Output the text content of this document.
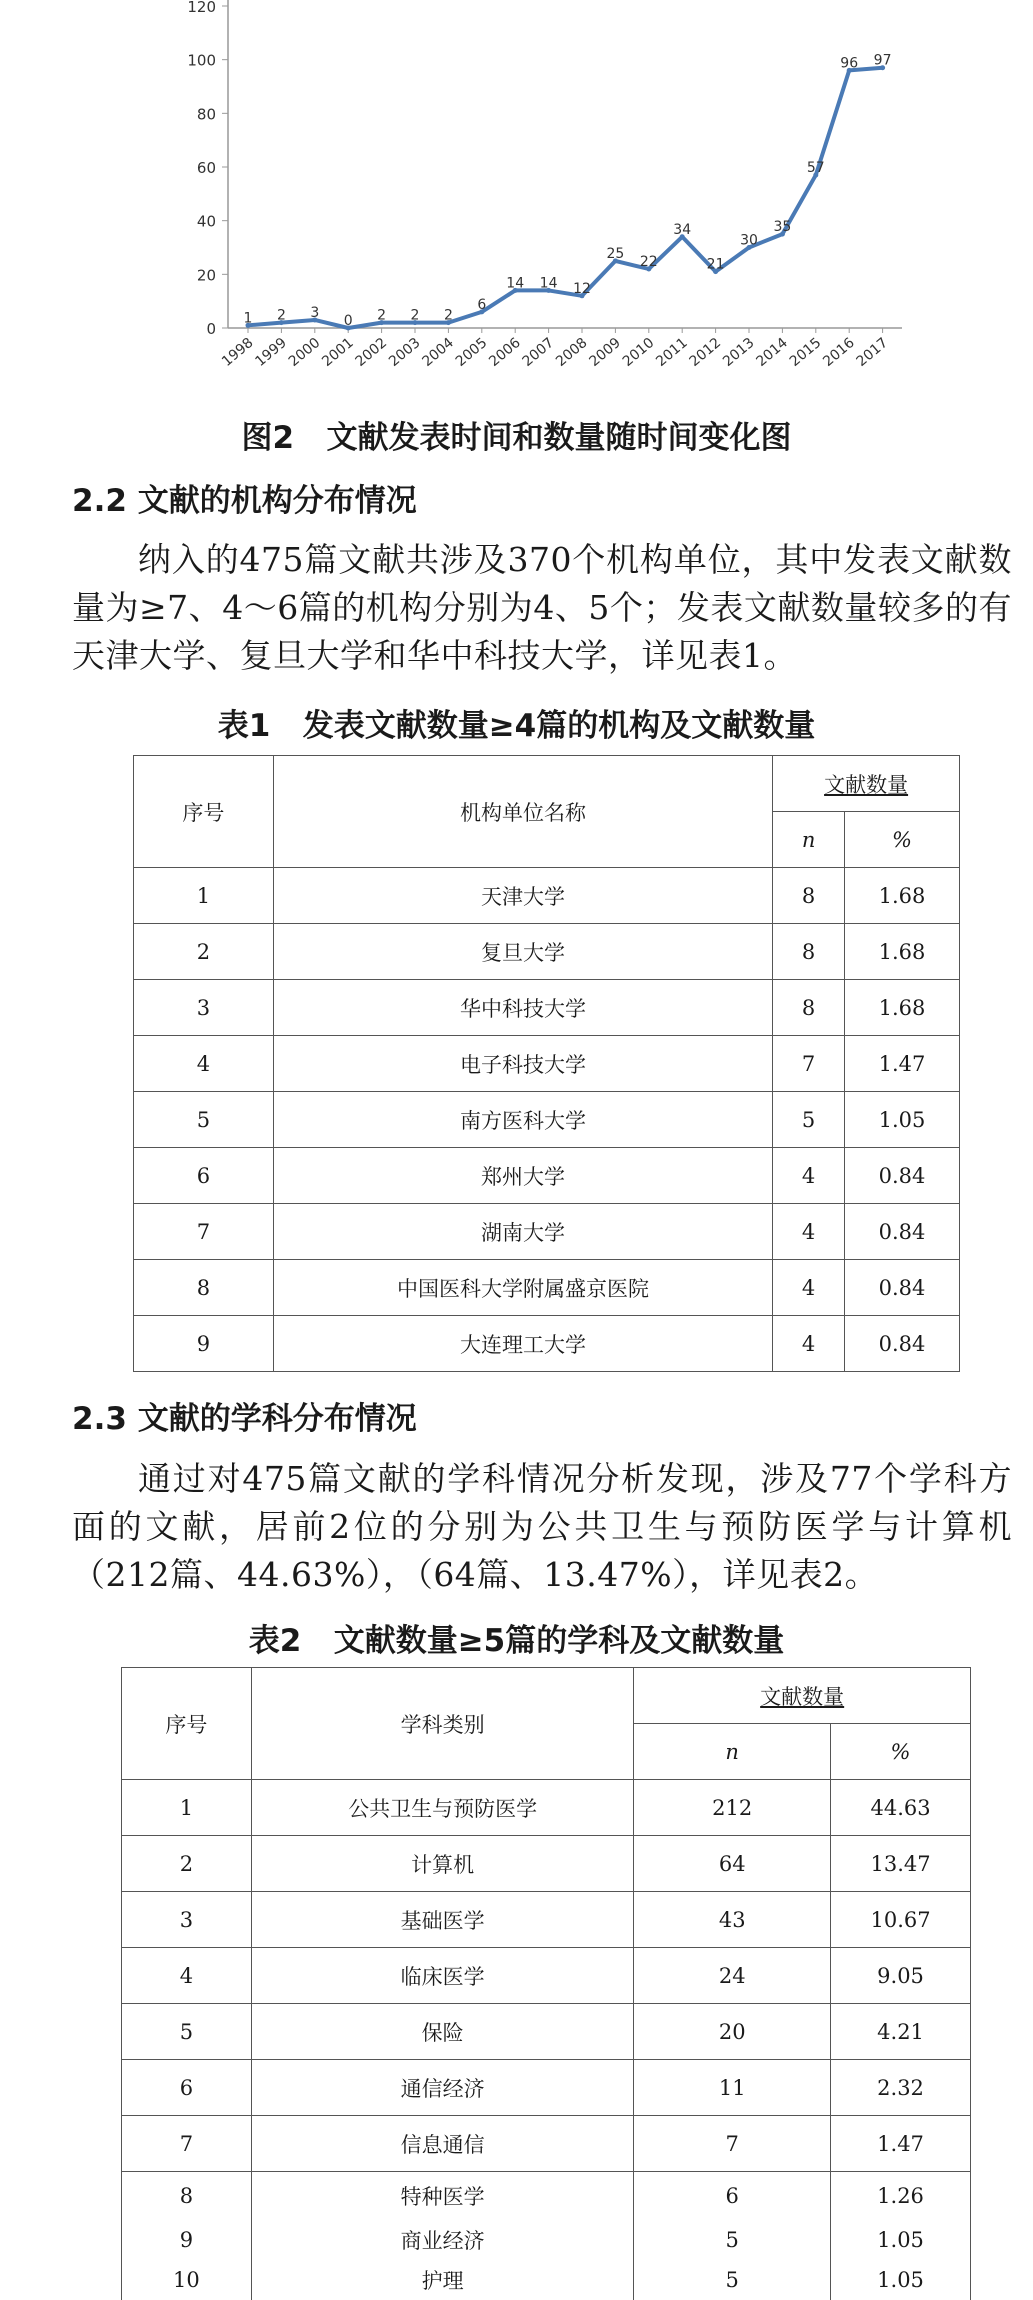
0
20
40
60
80
100
120
1998
1999
2000
2001
2002
2003
2004
2005
2006
2007
2008
2009
2010
2011
2012
2013
2014
2015
2016
2017
1 2 3
0 2 2 2
6
14 14 12
25
22
34
21
30
35
57
96 97
图2   文献发表时间和数量随时间变化图
2.2 文献的机构分布情况

纳入的475篇文献共涉及370个机构单位，其中发表文献数量为≥7、4～6篇的机构分别为4、5个；发表文献数量较多的有天津大学、复旦大学和华中科技大学，详见表1。

表1   发表文献数量≥4篇的机构及文献数量
序号	机构单位名称	文献数量	
		n	%
1	天津大学	8	1.68
2	复旦大学	8	1.68
3	华中科技大学	8	1.68
4	电子科技大学	7	1.47
5	南方医科大学	5	1.05
6	郑州大学	4	0.84
7	湖南大学	4	0.84
8	中国医科大学附属盛京医院	4	0.84
9	大连理工大学	4	0.84
2.3 文献的学科分布情况

通过对475篇文献的学科情况分析发现，涉及77个学科方面的文献，居前2位的分别为公共卫生与预防医学与计算机（212篇、44.63%），（64篇、13.47%），详见表2。

表2   文献数量≥5篇的学科及文献数量
序号	学科类别	文献数量	
		n	%
1	公共卫生与预防医学	212	44.63
2	计算机	64	13.47
3	基础医学	43	10.67
4	临床医学	24	9.05
5	保险	20	4.21
6	通信经济	11	2.32
7	信息通信	7	1.47
8	特种医学	6	1.26
9	商业经济	5	1.05
10	护理	5	1.05
